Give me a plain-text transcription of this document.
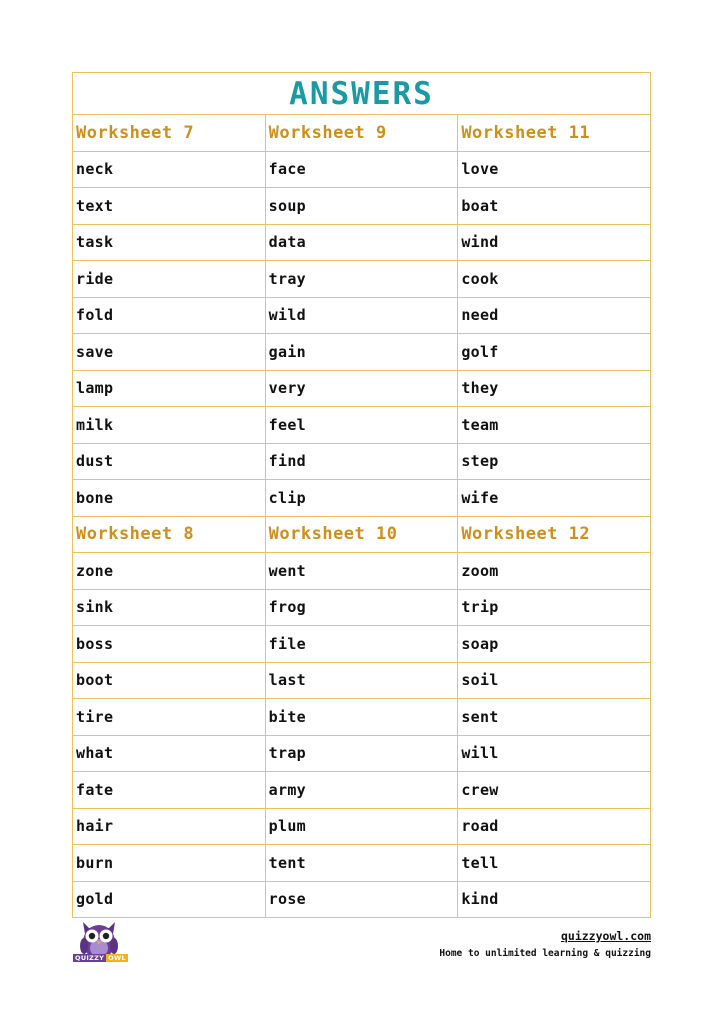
ANSWERS		
Worksheet 7	Worksheet 9	Worksheet 11
neck	face	love
text	soup	boat
task	data	wind
ride	tray	cook
fold	wild	need
save	gain	golf
lamp	very	they
milk	feel	team
dust	find	step
bone	clip	wife
Worksheet 8	Worksheet 10	Worksheet 12
zone	went	zoom
sink	frog	trip
boss	file	soap
boot	last	soil
tire	bite	sent
what	trap	will
fate	army	crew
hair	plum	road
burn	tent	tell
gold	rose	kind
QUIZZY OWL
quizzyowl.com
Home to unlimited learning & quizzing
